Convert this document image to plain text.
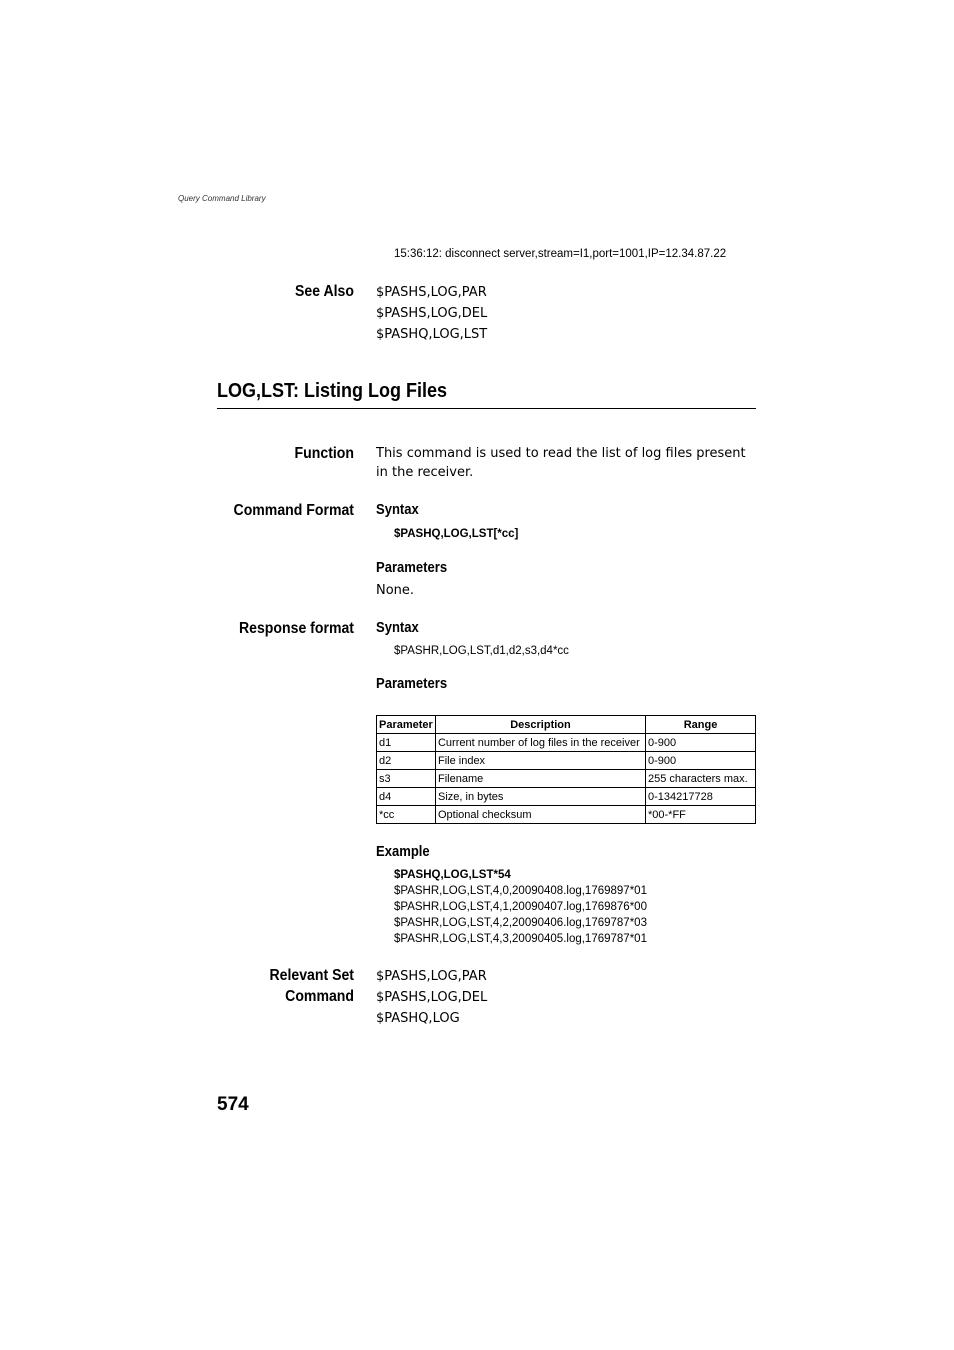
Query Command Library
15:36:12: disconnect server,stream=I1,port=1001,IP=12.34.87.22
See Also $PASHS,LOG,PAR
$PASHS,LOG,DEL
$PASHQ,LOG,LST
LOG,LST: Listing Log Files
Function This command is used to read the list of log files present in the receiver.
Command Format Syntax
$PASHQ,LOG,LST[*cc]
Parameters
None.
Response format Syntax
$PASHR,LOG,LST,d1,d2,s3,d4*cc
Parameters
Parameter	Description	Range
d1	Current number of log files in the receiver	0-900
d2	File index	0-900
s3	Filename	255 characters max.
d4	Size, in bytes	0-134217728
*cc	Optional checksum	*00-*FF
Example
$PASHQ,LOG,LST*54
$PASHR,LOG,LST,4,0,20090408.log,1769897*01
$PASHR,LOG,LST,4,1,20090407.log,1769876*00
$PASHR,LOG,LST,4,2,20090406.log,1769787*03
$PASHR,LOG,LST,4,3,20090405.log,1769787*01
Relevant Set
Command
$PASHS,LOG,PAR
$PASHS,LOG,DEL
$PASHQ,LOG
574
